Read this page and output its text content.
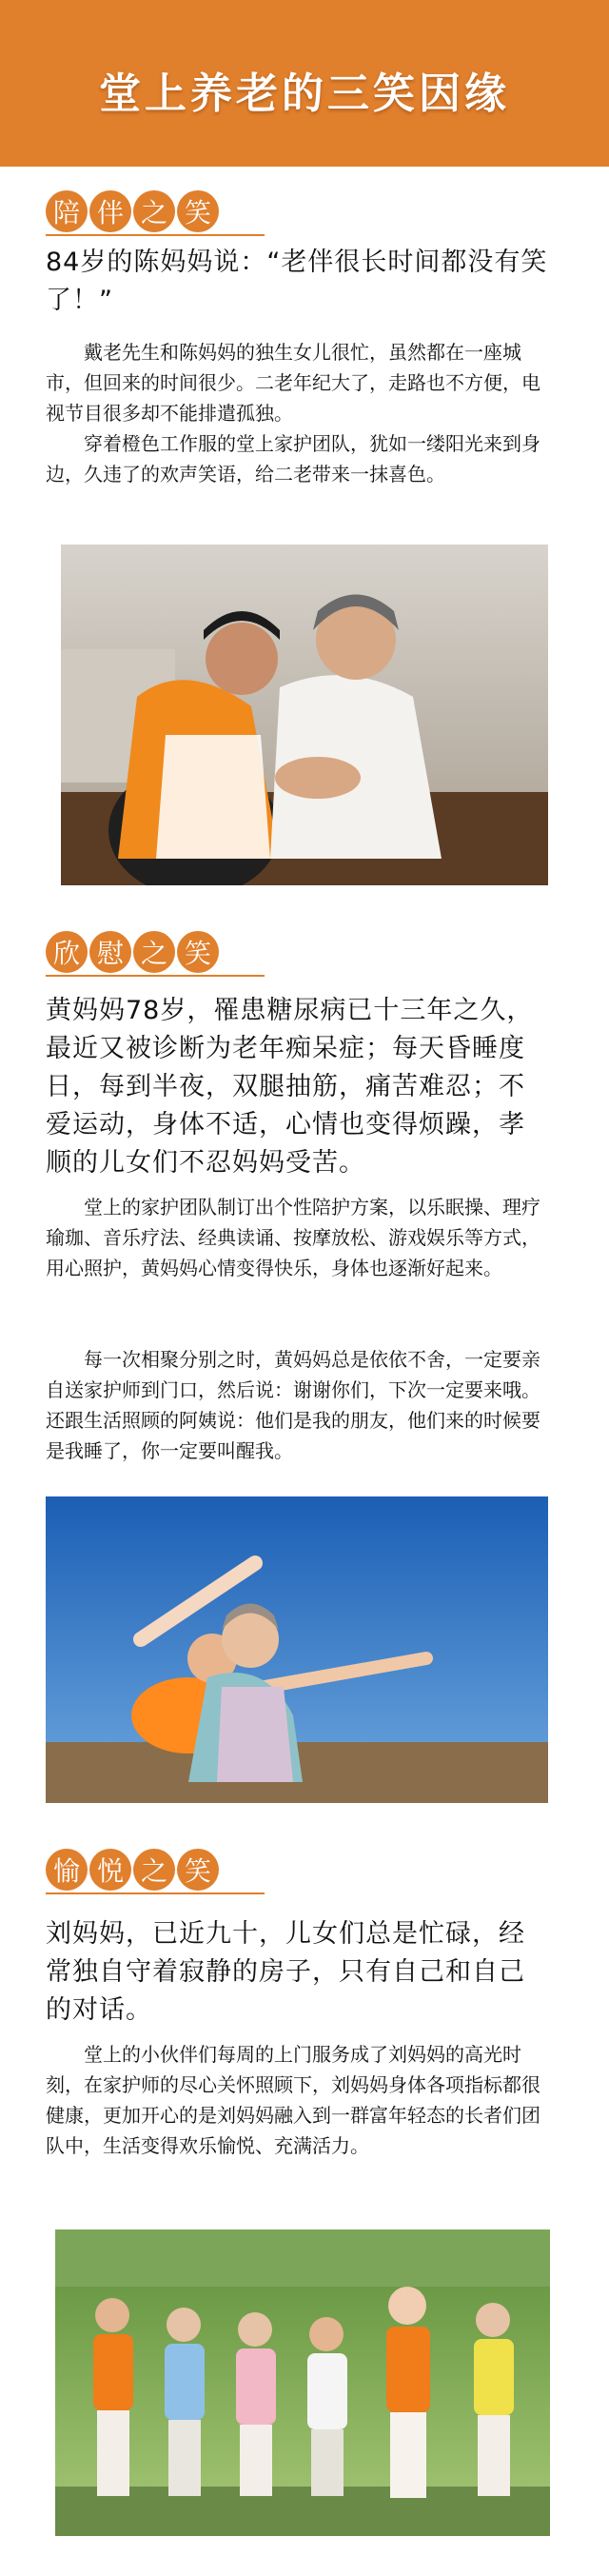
堂上养老的三笑因缘
陪 伴 之 笑
84岁的陈妈妈说：“老伴很长时间都没有笑了！”

戴老先生和陈妈妈的独生女儿很忙，虽然都在一座城市，但回来的时间很少。二老年纪大了，走路也不方便，电视节目很多却不能排遣孤独。

穿着橙色工作服的堂上家护团队，犹如一缕阳光来到身边，久违了的欢声笑语，给二老带来一抹喜色。

欣 慰 之 笑
黄妈妈78岁，罹患糖尿病已十三年之久，最近又被诊断为老年痴呆症；每天昏睡度日，每到半夜，双腿抽筋，痛苦难忍；不爱运动，身体不适，心情也变得烦躁，孝顺的儿女们不忍妈妈受苦。

堂上的家护团队制订出个性陪护方案，以乐眠操、理疗瑜珈、音乐疗法、经典读诵、按摩放松、游戏娱乐等方式，用心照护，黄妈妈心情变得快乐，身体也逐渐好起来。

每一次相聚分别之时，黄妈妈总是依依不舍，一定要亲自送家护师到门口，然后说：谢谢你们，下次一定要来哦。还跟生活照顾的阿姨说：他们是我的朋友，他们来的时候要是我睡了，你一定要叫醒我。

愉 悦 之 笑
刘妈妈，已近九十，儿女们总是忙碌，经常独自守着寂静的房子，只有自己和自己的对话。

堂上的小伙伴们每周的上门服务成了刘妈妈的高光时刻，在家护师的尽心关怀照顾下，刘妈妈身体各项指标都很健康，更加开心的是刘妈妈融入到一群富年轻态的长者们团队中，生活变得欢乐愉悦、充满活力。
